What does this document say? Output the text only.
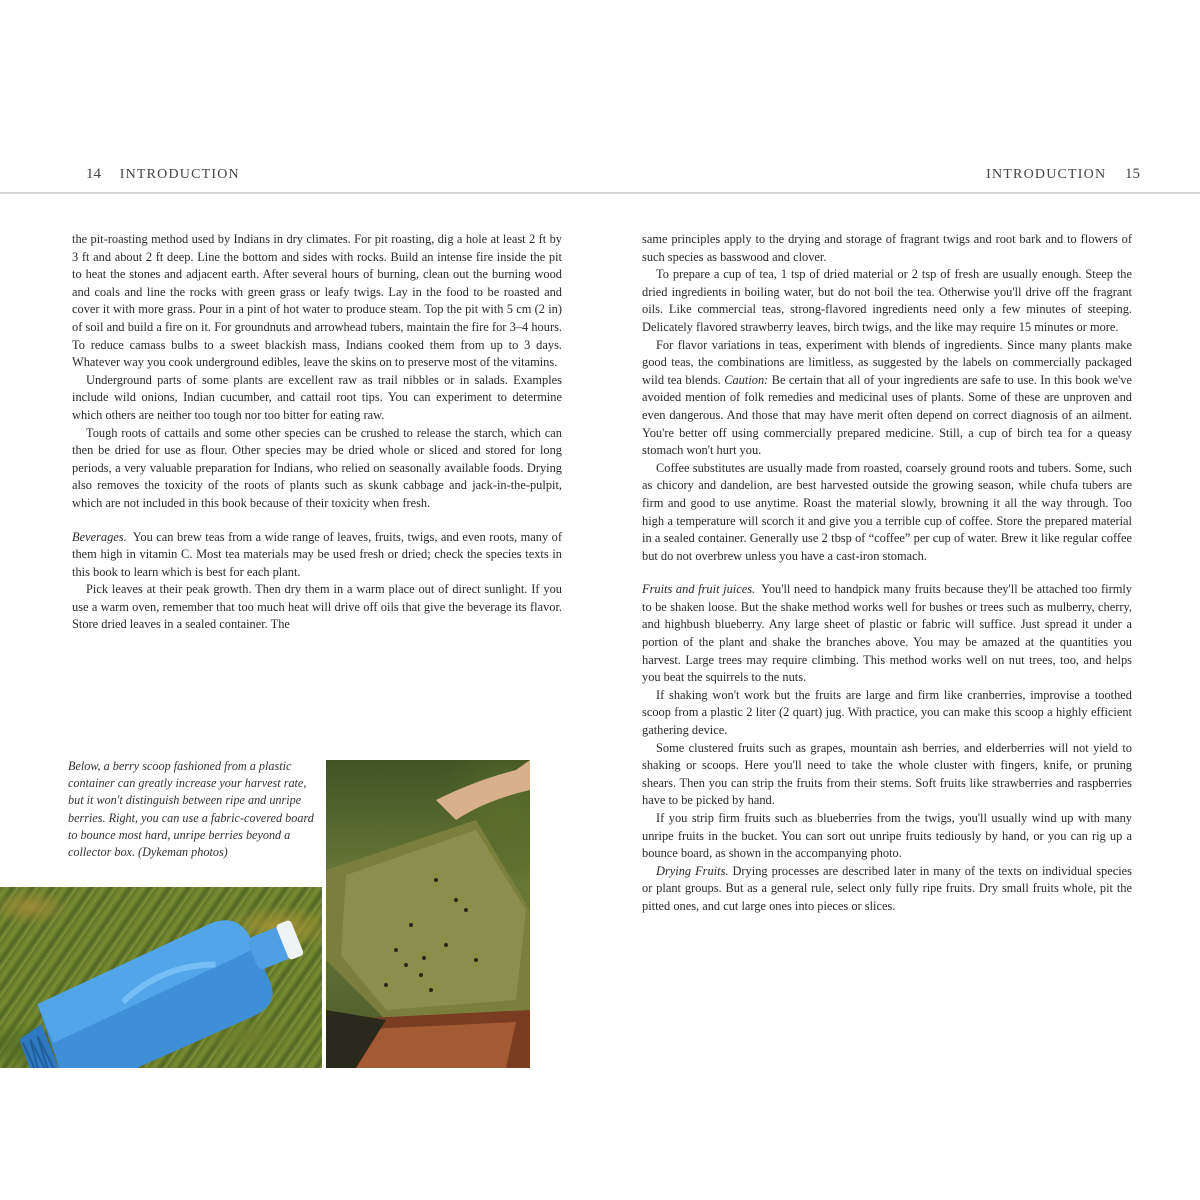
14 INTRODUCTION	INTRODUCTION 15

the pit-roasting method used by Indians in dry climates. For pit roasting, dig a hole at least 2 ft by 3 ft and about 2 ft deep. Line the bottom and sides with rocks. Build an intense fire inside the pit to heat the stones and adjacent earth. After several hours of burning, clean out the burning wood and coals and line the rocks with green grass or leafy twigs. Lay in the food to be roasted and cover it with more grass. Pour in a pint of hot water to produce steam. Top the pit with 5 cm (2 in) of soil and build a fire on it. For groundnuts and arrowhead tubers, maintain the fire for 3–4 hours. To reduce camass bulbs to a sweet blackish mass, Indians cooked them from up to 3 days. Whatever way you cook underground edibles, leave the skins on to preserve most of the vitamins.

Underground parts of some plants are excellent raw as trail nibbles or in salads. Examples include wild onions, Indian cucumber, and cattail root tips. You can experiment to determine which others are neither too tough nor too bitter for eating raw.

Tough roots of cattails and some other species can be crushed to release the starch, which can then be dried for use as flour. Other species may be dried whole or sliced and stored for long periods, a very valuable preparation for Indians, who relied on seasonally available foods. Drying also removes the toxicity of the roots of plants such as skunk cabbage and jack-in-the-pulpit, which are not included in this book because of their toxicity when fresh.

Beverages. You can brew teas from a wide range of leaves, fruits, twigs, and even roots, many of them high in vitamin C. Most tea materials may be used fresh or dried; check the species texts in this book to learn which is best for each plant.

Pick leaves at their peak growth. Then dry them in a warm place out of direct sunlight. If you use a warm oven, remember that too much heat will drive off oils that give the beverage its flavor. Store dried leaves in a sealed container. The

Below, a berry scoop fashioned from a plastic container can greatly increase your harvest rate, but it won't distinguish between ripe and unripe berries. Right, you can use a fabric-covered board to bounce most hard, unripe berries beyond a collector box. (Dykeman photos)

same principles apply to the drying and storage of fragrant twigs and root bark and to flowers of such species as basswood and clover.

To prepare a cup of tea, 1 tsp of dried material or 2 tsp of fresh are usually enough. Steep the dried ingredients in boiling water, but do not boil the tea. Otherwise you'll drive off the fragrant oils. Like commercial teas, strong-flavored ingredients need only a few minutes of steeping. Delicately flavored strawberry leaves, birch twigs, and the like may require 15 minutes or more.

For flavor variations in teas, experiment with blends of ingredients. Since many plants make good teas, the combinations are limitless, as suggested by the labels on commercially packaged wild tea blends. Caution: Be certain that all of your ingredients are safe to use. In this book we've avoided mention of folk remedies and medicinal uses of plants. Some of these are unproven and even dangerous. And those that may have merit often depend on correct diagnosis of an ailment. You're better off using commercially prepared medicine. Still, a cup of birch tea for a queasy stomach won't hurt you.

Coffee substitutes are usually made from roasted, coarsely ground roots and tubers. Some, such as chicory and dandelion, are best harvested outside the growing season, while chufa tubers are firm and good to use anytime. Roast the material slowly, browning it all the way through. Too high a temperature will scorch it and give you a terrible cup of coffee. Store the prepared material in a sealed container. Generally use 2 tbsp of “coffee” per cup of water. Brew it like regular coffee but do not overbrew unless you have a cast-iron stomach.

Fruits and fruit juices. You'll need to handpick many fruits because they'll be attached too firmly to be shaken loose. But the shake method works well for bushes or trees such as mulberry, cherry, and highbush blueberry. Any large sheet of plastic or fabric will suffice. Just spread it under a portion of the plant and shake the branches above. You may be amazed at the quantities you harvest. Large trees may require climbing. This method works well on nut trees, too, and helps you beat the squirrels to the nuts.

If shaking won't work but the fruits are large and firm like cranberries, improvise a toothed scoop from a plastic 2 liter (2 quart) jug. With practice, you can make this scoop a highly efficient gathering device.

Some clustered fruits such as grapes, mountain ash berries, and elderberries will not yield to shaking or scoops. Here you'll need to take the whole cluster with fingers, knife, or pruning shears. Then you can strip the fruits from their stems. Soft fruits like strawberries and raspberries have to be picked by hand.

If you strip firm fruits such as blueberries from the twigs, you'll usually wind up with many unripe fruits in the bucket. You can sort out unripe fruits tediously by hand, or you can rig up a bounce board, as shown in the accompanying photo.

Drying Fruits. Drying processes are described later in many of the texts on individual species or plant groups. But as a general rule, select only fully ripe fruits. Dry small fruits whole, pit the pitted ones, and cut large ones into pieces or slices.
